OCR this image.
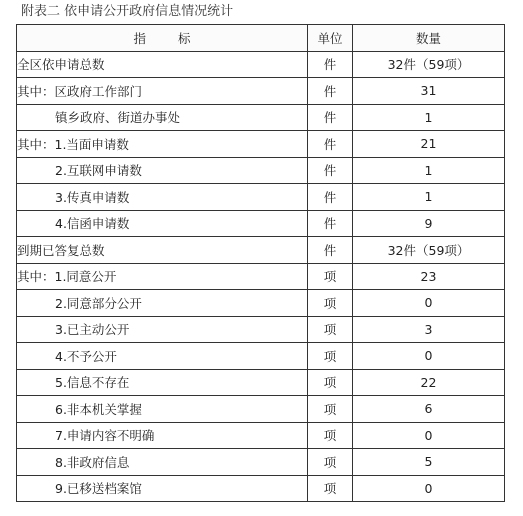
附表二 依申请公开政府信息情况统计
指 标	单位	数量
全区依申请总数	件	32件（59项）
其中：区政府工作部门	件	31
镇乡政府、街道办事处	件	1
其中：1.当面申请数	件	21
2.互联网申请数	件	1
3.传真申请数	件	1
4.信函申请数	件	9
到期已答复总数	件	32件（59项）
其中：1.同意公开	项	23
2.同意部分公开	项	0
3.已主动公开	项	3
4.不予公开	项	0
5.信息不存在	项	22
6.非本机关掌握	项	6
7.申请内容不明确	项	0
8.非政府信息	项	5
9.已移送档案馆	项	0
